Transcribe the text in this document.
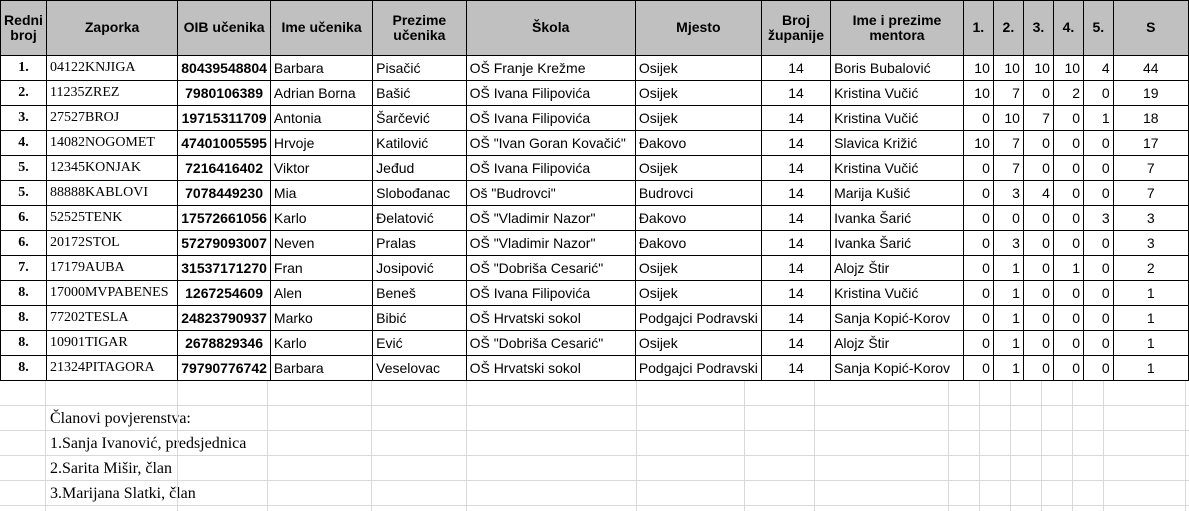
Redni broj	Zaporka	OIB učenika	Ime učenika	Prezime učenika	Škola	Mjesto	Broj županije	Ime i prezime mentora	1.	2.	3.	4.	5.	S
1.	04122KNJIGA	80439548804	Barbara	Pisačić	OŠ Franje Krežme	Osijek	14	Boris Bubalović	10	10	10	10	4	44
2.	11235ZREZ	7980106389	Adrian Borna	Bašić	OŠ Ivana Filipovića	Osijek	14	Kristina Vučić	10	7	0	2	0	19
3.	27527BROJ	19715311709	Antonia	Šarčević	OŠ Ivana Filipovića	Osijek	14	Kristina Vučić	0	10	7	0	1	18
4.	14082NOGOMET	47401005595	Hrvoje	Katilović	OŠ "Ivan Goran Kovačić"	Đakovo	14	Slavica Križić	10	7	0	0	0	17
5.	12345KONJAK	7216416402	Viktor	Jeđud	OŠ Ivana Filipovića	Osijek	14	Kristina Vučić	0	7	0	0	0	7
5.	88888KABLOVI	7078449230	Mia	Slobođanac	Oš "Budrovci"	Budrovci	14	Marija Kušić	0	3	4	0	0	7
6.	52525TENK	17572661056	Karlo	Đelatović	OŠ "Vladimir Nazor"	Đakovo	14	Ivanka Šarić	0	0	0	0	3	3
6.	20172STOL	57279093007	Neven	Pralas	OŠ "Vladimir Nazor"	Đakovo	14	Ivanka Šarić	0	3	0	0	0	3
7.	17179AUBA	31537171270	Fran	Josipović	OŠ "Dobriša Cesarić"	Osijek	14	Alojz Štir	0	1	0	1	0	2
8.	17000MVPABENES	1267254609	Alen	Beneš	OŠ Ivana Filipovića	Osijek	14	Kristina Vučić	0	1	0	0	0	1
8.	77202TESLA	24823790937	Marko	Bibić	OŠ Hrvatski sokol	Podgajci Podravski	14	Sanja Kopić-Korov	0	1	0	0	0	1
8.	10901TIGAR	2678829346	Karlo	Ević	OŠ "Dobriša Cesarić"	Osijek	14	Alojz Štir	0	1	0	0	0	1
8.	21324PITAGORA	79790776742	Barbara	Veselovac	OŠ Hrvatski sokol	Podgajci Podravski	14	Sanja Kopić-Korov	0	1	0	0	0	1
Članovi povjerenstva:
1.Sanja Ivanović, predsjednica
2.Sarita Mišir, član
3.Marijana Slatki, član
